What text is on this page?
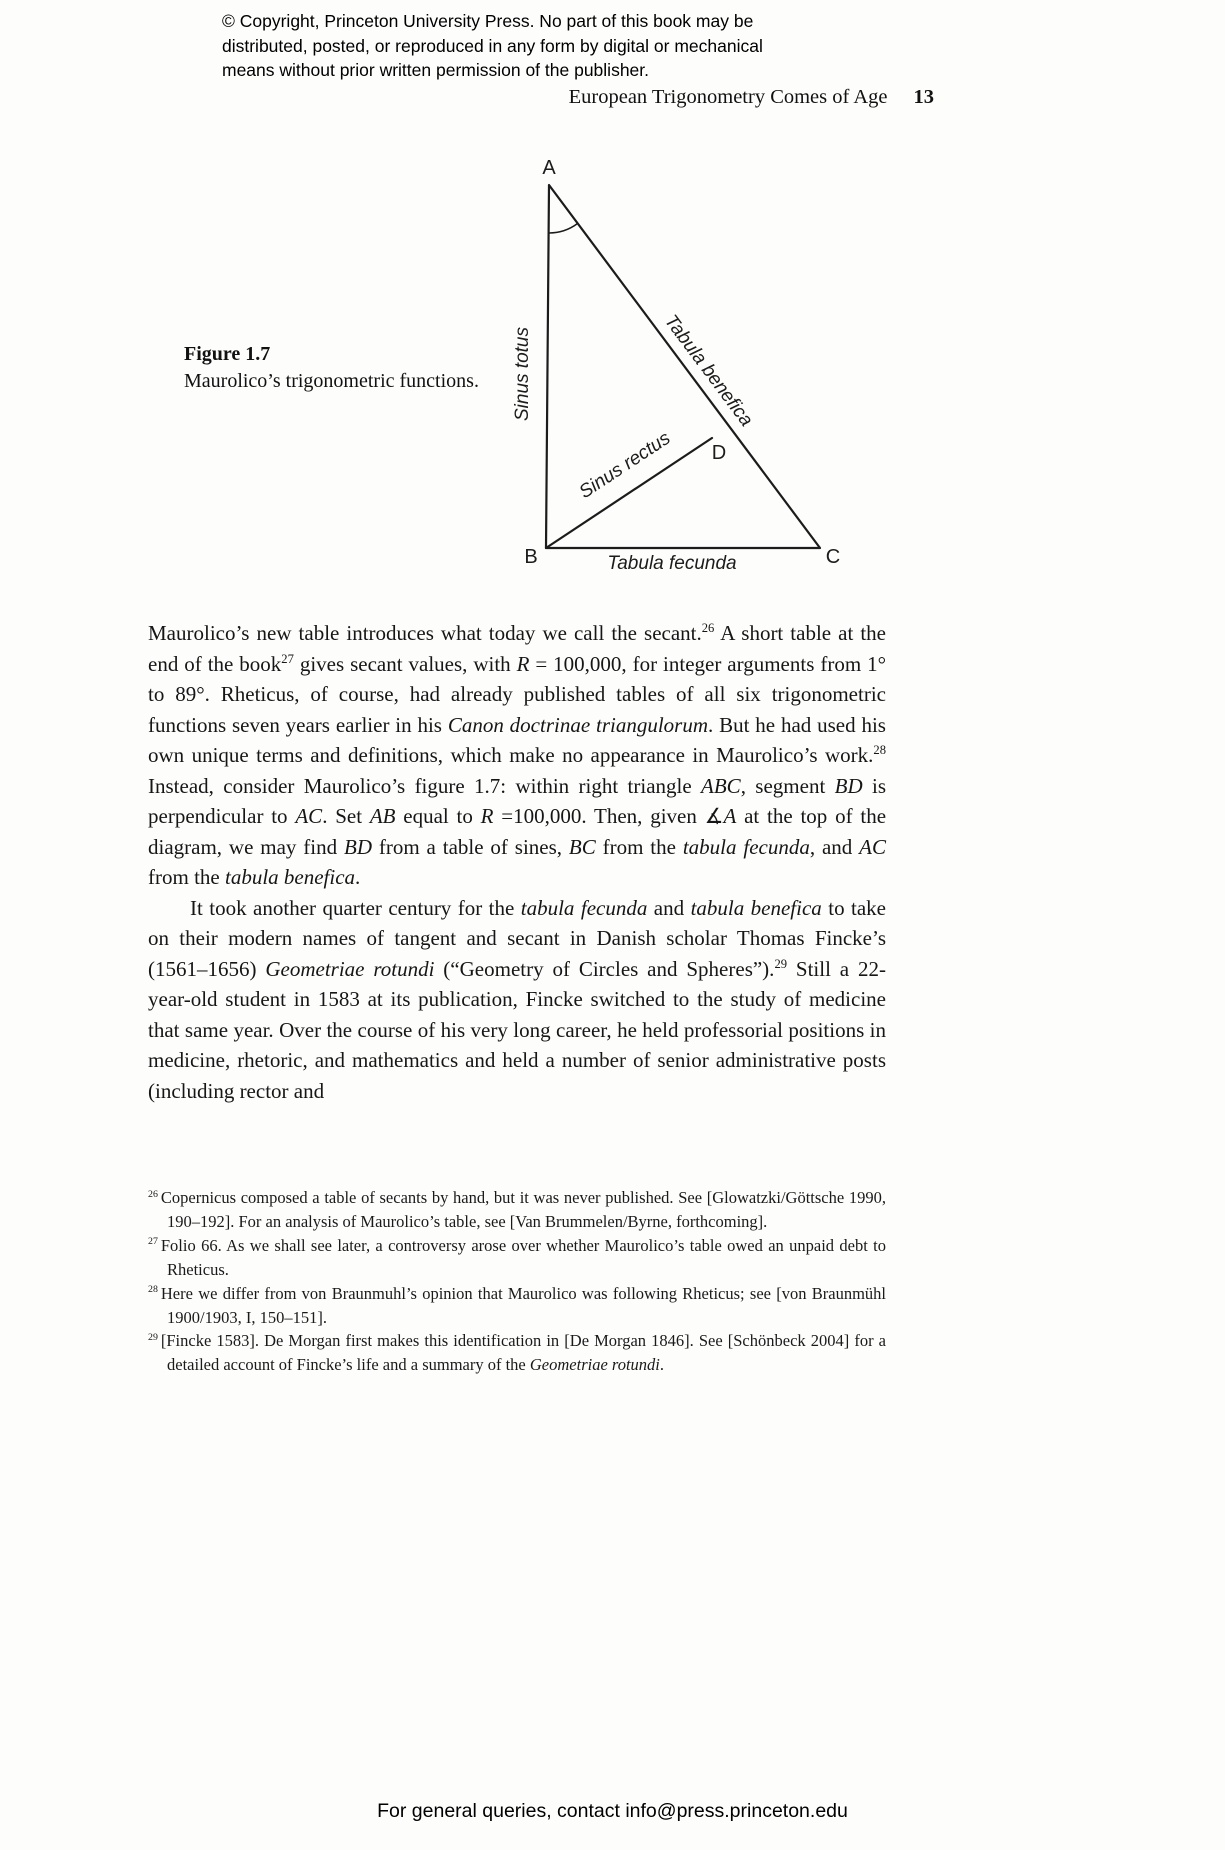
© Copyright, Princeton University Press. No part of this book may be
distributed, posted, or reproduced in any form by digital or mechanical
means without prior written permission of the publisher.
European Trigonometry Comes of Age 13
Figure 1.7
Maurolico’s trigonometric functions.
A
B	C
D
Sinus totus	Tabula benefica
Sinus rectus
Tabula fecunda

Maurolico’s new table introduces what today we call the secant.$^{26}$ A short table at the end of the book$^{27}$ gives secant values, with R = 100,000, for integer arguments from 1° to 89°. Rheticus, of course, had already published tables of all six trigonometric functions seven years earlier in his Canon doctrinae triangulorum. But he had used his own unique terms and definitions, which make no appearance in Maurolico’s work.$^{28}$ Instead, consider Maurolico’s figure 1.7: within right triangle ABC, segment BD is perpendicular to AC. Set AB equal to R =100,000. Then, given ∡A at the top of the diagram, we may find BD from a table of sines, BC from the tabula fecunda, and AC from the tabula benefica.

It took another quarter century for the tabula fecunda and tabula benefica to take on their modern names of tangent and secant in Danish scholar Thomas Fincke’s (1561–1656) Geometriae rotundi (“Geometry of Circles and Spheres”).$^{29}$ Still a 22-year-old student in 1583 at its publication, Fincke switched to the study of medicine that same year. Over the course of his very long career, he held professorial positions in medicine, rhetoric, and mathematics and held a number of senior administrative posts (including rector and

$^{26}$ Copernicus composed a table of secants by hand, but it was never published. See [Glowatzki/Göttsche 1990, 190–192]. For an analysis of Maurolico’s table, see [Van Brummelen/Byrne, forthcoming].
$^{27}$ Folio 66. As we shall see later, a controversy arose over whether Maurolico’s table owed an unpaid debt to Rheticus.
$^{28}$ Here we differ from von Braunmuhl’s opinion that Maurolico was following Rheticus; see [von Braunmühl 1900/1903, I, 150–151].
$^{29}$ [Fincke 1583]. De Morgan first makes this identification in [De Morgan 1846]. See [Schönbeck 2004] for a detailed account of Fincke’s life and a summary of the Geometriae rotundi.
For general queries, contact info@press.princeton.edu
